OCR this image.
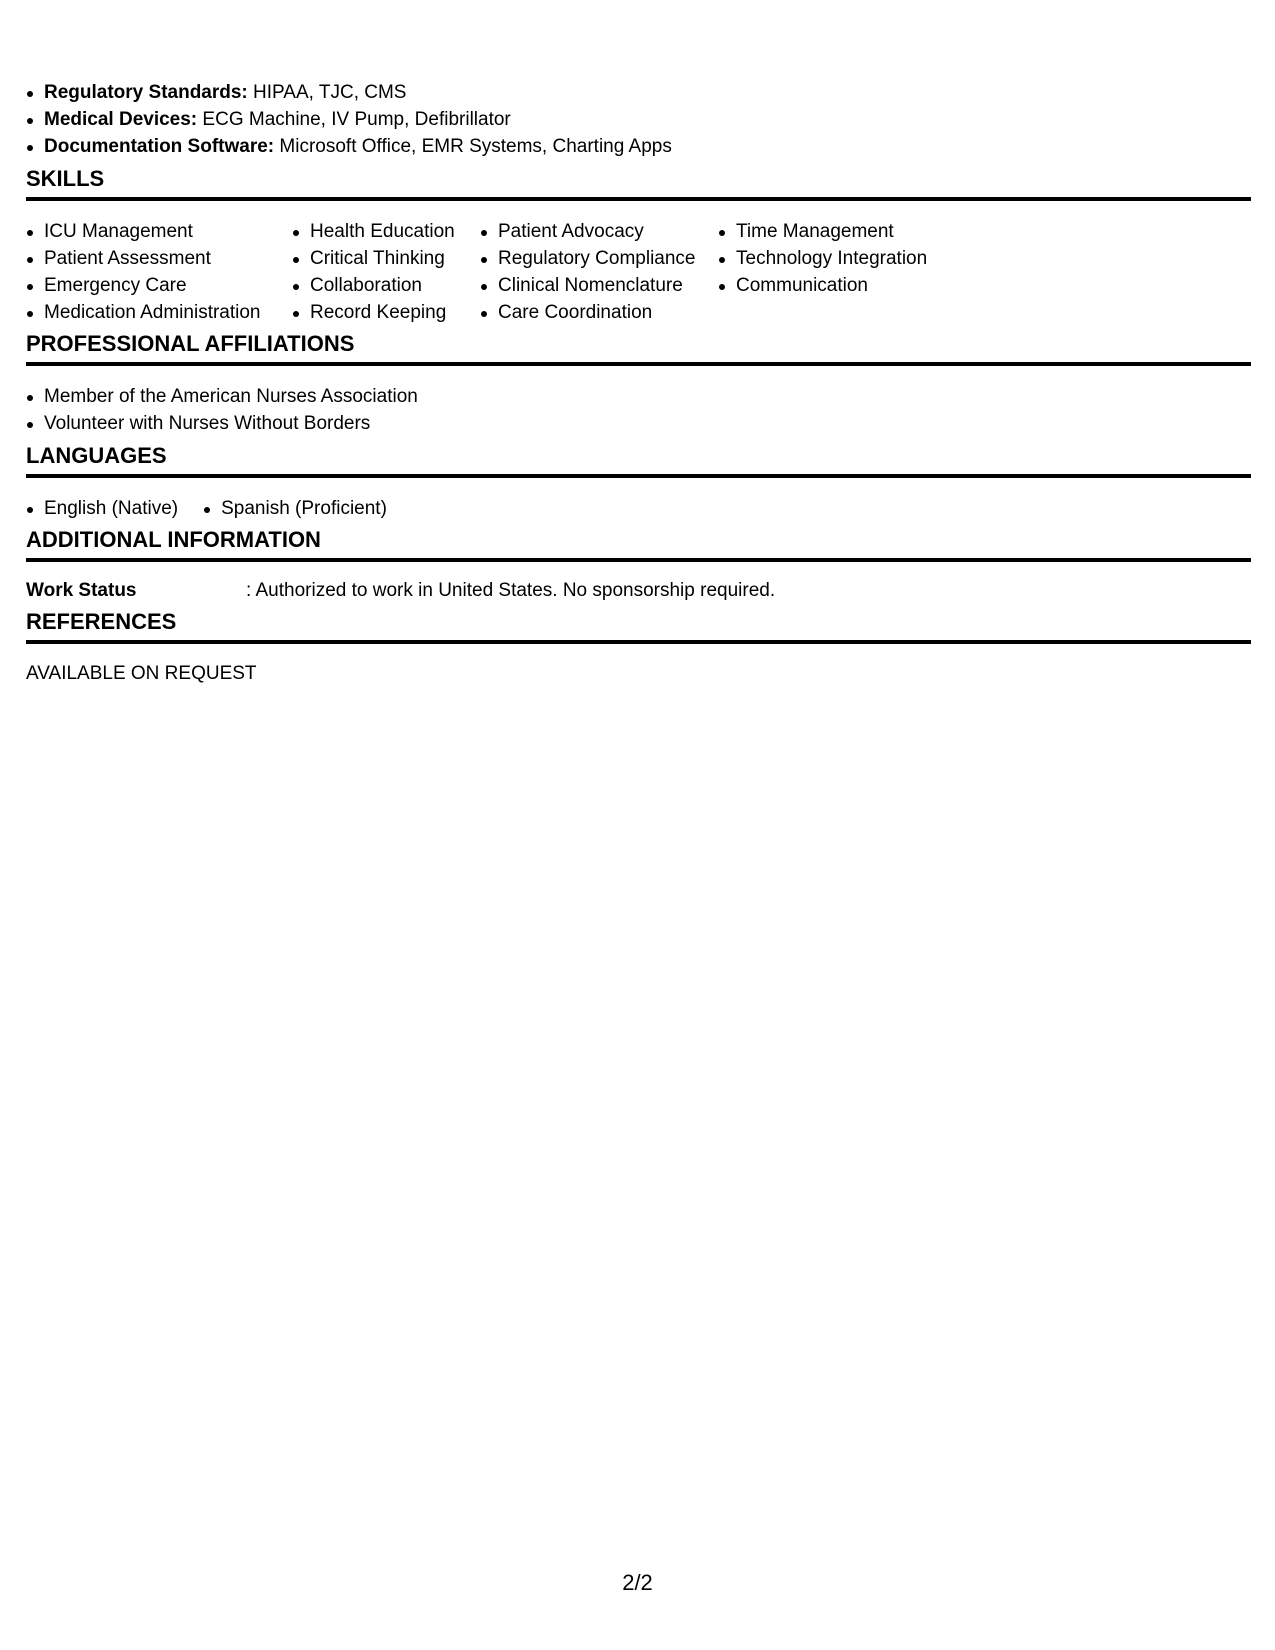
Regulatory Standards: HIPAA, TJC, CMS
Medical Devices: ECG Machine, IV Pump, Defibrillator
Documentation Software: Microsoft Office, EMR Systems, Charting Apps
SKILLS
ICU Management
Patient Assessment
Emergency Care
Medication Administration
Health Education
Critical Thinking
Collaboration
Record Keeping
Patient Advocacy
Regulatory Compliance
Clinical Nomenclature
Care Coordination
Time Management
Technology Integration
Communication
PROFESSIONAL AFFILIATIONS
Member of the American Nurses Association
Volunteer with Nurses Without Borders
LANGUAGES
English (Native)	Spanish (Proficient)
ADDITIONAL INFORMATION
Work Status	: Authorized to work in United States. No sponsorship required.
REFERENCES
AVAILABLE ON REQUEST
2/2
